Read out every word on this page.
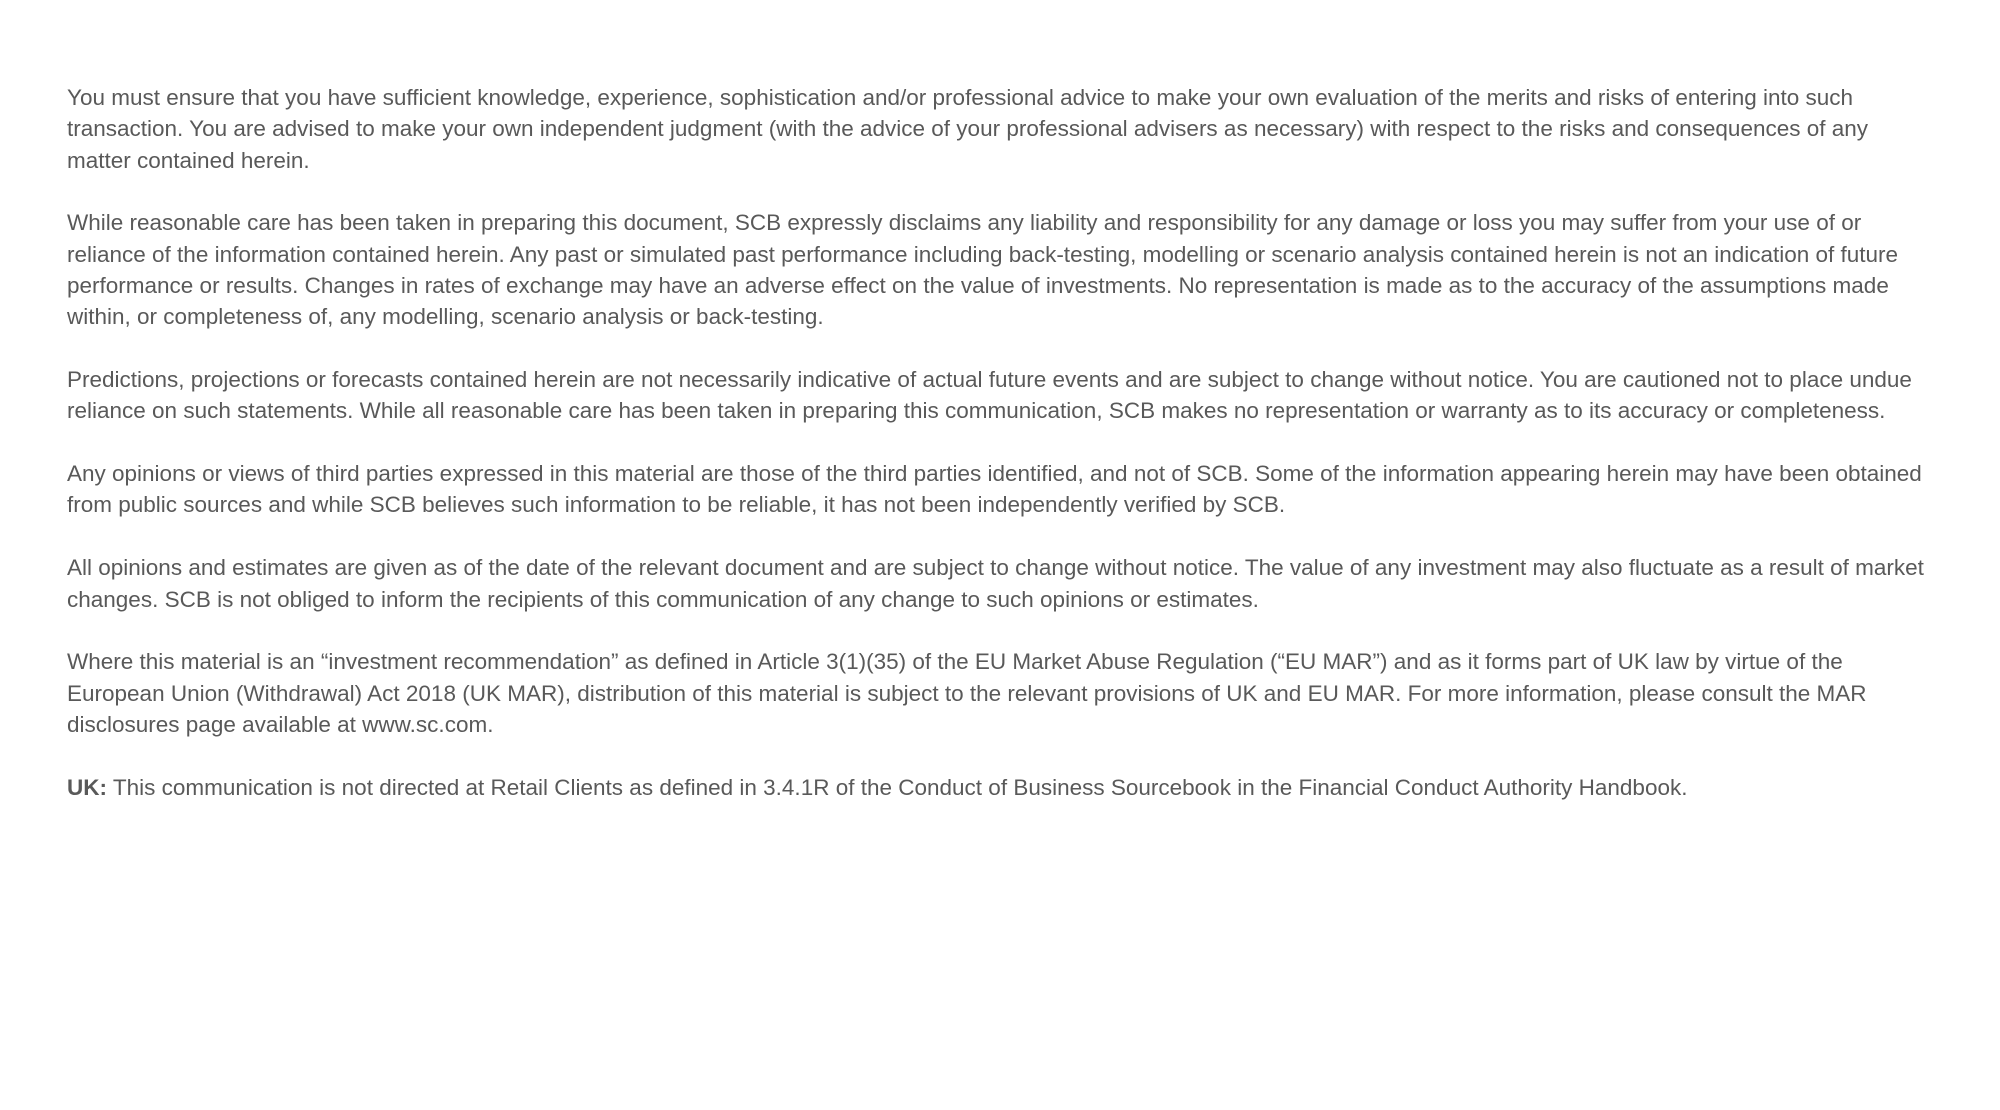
You must ensure that you have sufficient knowledge, experience, sophistication and/or professional advice to make your own evaluation of the merits and risks of entering into such transaction. You are advised to make your own independent judgment (with the advice of your professional advisers as necessary) with respect to the risks and consequences of any matter contained herein.

While reasonable care has been taken in preparing this document, SCB expressly disclaims any liability and responsibility for any damage or loss you may suffer from your use of or reliance of the information contained herein. Any past or simulated past performance including back-testing, modelling or scenario analysis contained herein is not an indication of future performance or results. Changes in rates of exchange may have an adverse effect on the value of investments. No representation is made as to the accuracy of the assumptions made within, or completeness of, any modelling, scenario analysis or back-testing.

Predictions, projections or forecasts contained herein are not necessarily indicative of actual future events and are subject to change without notice. You are cautioned not to place undue reliance on such statements. While all reasonable care has been taken in preparing this communication, SCB makes no representation or warranty as to its accuracy or completeness.

Any opinions or views of third parties expressed in this material are those of the third parties identified, and not of SCB. Some of the information appearing herein may have been obtained from public sources and while SCB believes such information to be reliable, it has not been independently verified by SCB.

All opinions and estimates are given as of the date of the relevant document and are subject to change without notice. The value of any investment may also fluctuate as a result of market changes. SCB is not obliged to inform the recipients of this communication of any change to such opinions or estimates.

Where this material is an “investment recommendation” as defined in Article 3(1)(35) of the EU Market Abuse Regulation (“EU MAR”) and as it forms part of UK law by virtue of the European Union (Withdrawal) Act 2018 (UK MAR), distribution of this material is subject to the relevant provisions of UK and EU MAR. For more information, please consult the MAR disclosures page available at www.sc.com.

UK: This communication is not directed at Retail Clients as defined in 3.4.1R of the Conduct of Business Sourcebook in the Financial Conduct Authority Handbook.
